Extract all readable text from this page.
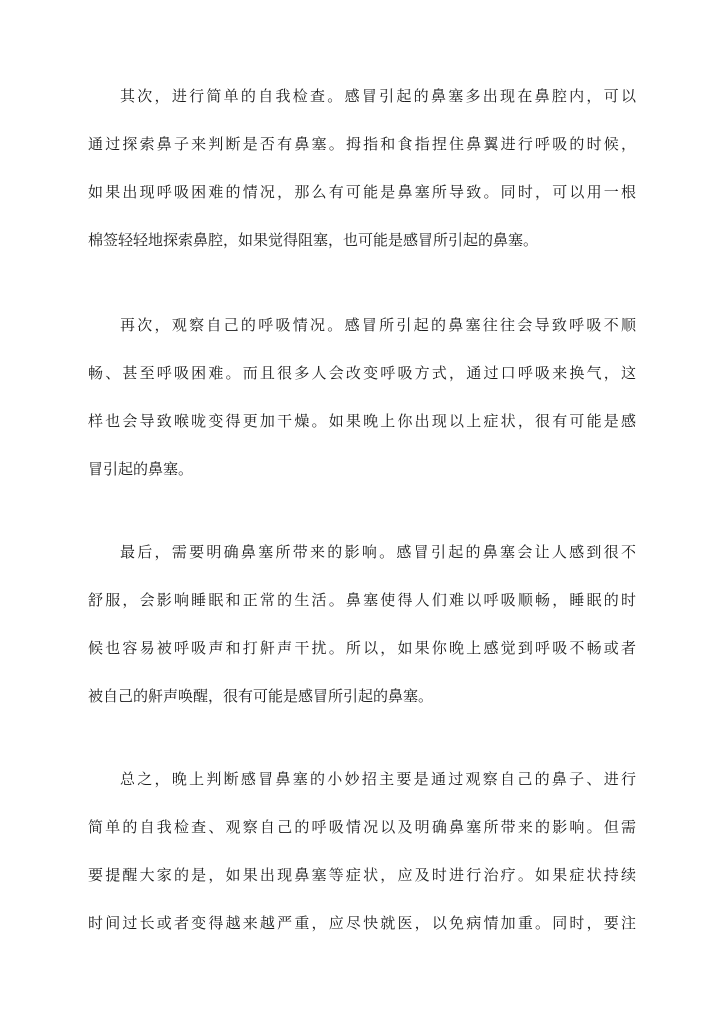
其次，进行简单的自我检查。感冒引起的鼻塞多出现在鼻腔内，可以
通过探索鼻子来判断是否有鼻塞。拇指和食指捏住鼻翼进行呼吸的时候，
如果出现呼吸困难的情况，那么有可能是鼻塞所导致。同时，可以用一根
棉签轻轻地探索鼻腔，如果觉得阻塞，也可能是感冒所引起的鼻塞。
再次，观察自己的呼吸情况。感冒所引起的鼻塞往往会导致呼吸不顺
畅、甚至呼吸困难。而且很多人会改变呼吸方式，通过口呼吸来换气，这
样也会导致喉咙变得更加干燥。如果晚上你出现以上症状，很有可能是感
冒引起的鼻塞。
最后，需要明确鼻塞所带来的影响。感冒引起的鼻塞会让人感到很不
舒服，会影响睡眠和正常的生活。鼻塞使得人们难以呼吸顺畅，睡眠的时
候也容易被呼吸声和打鼾声干扰。所以，如果你晚上感觉到呼吸不畅或者
被自己的鼾声唤醒，很有可能是感冒所引起的鼻塞。
总之，晚上判断感冒鼻塞的小妙招主要是通过观察自己的鼻子、进行
简单的自我检查、观察自己的呼吸情况以及明确鼻塞所带来的影响。但需
要提醒大家的是，如果出现鼻塞等症状，应及时进行治疗。如果症状持续
时间过长或者变得越来越严重，应尽快就医，以免病情加重。同时，要注
